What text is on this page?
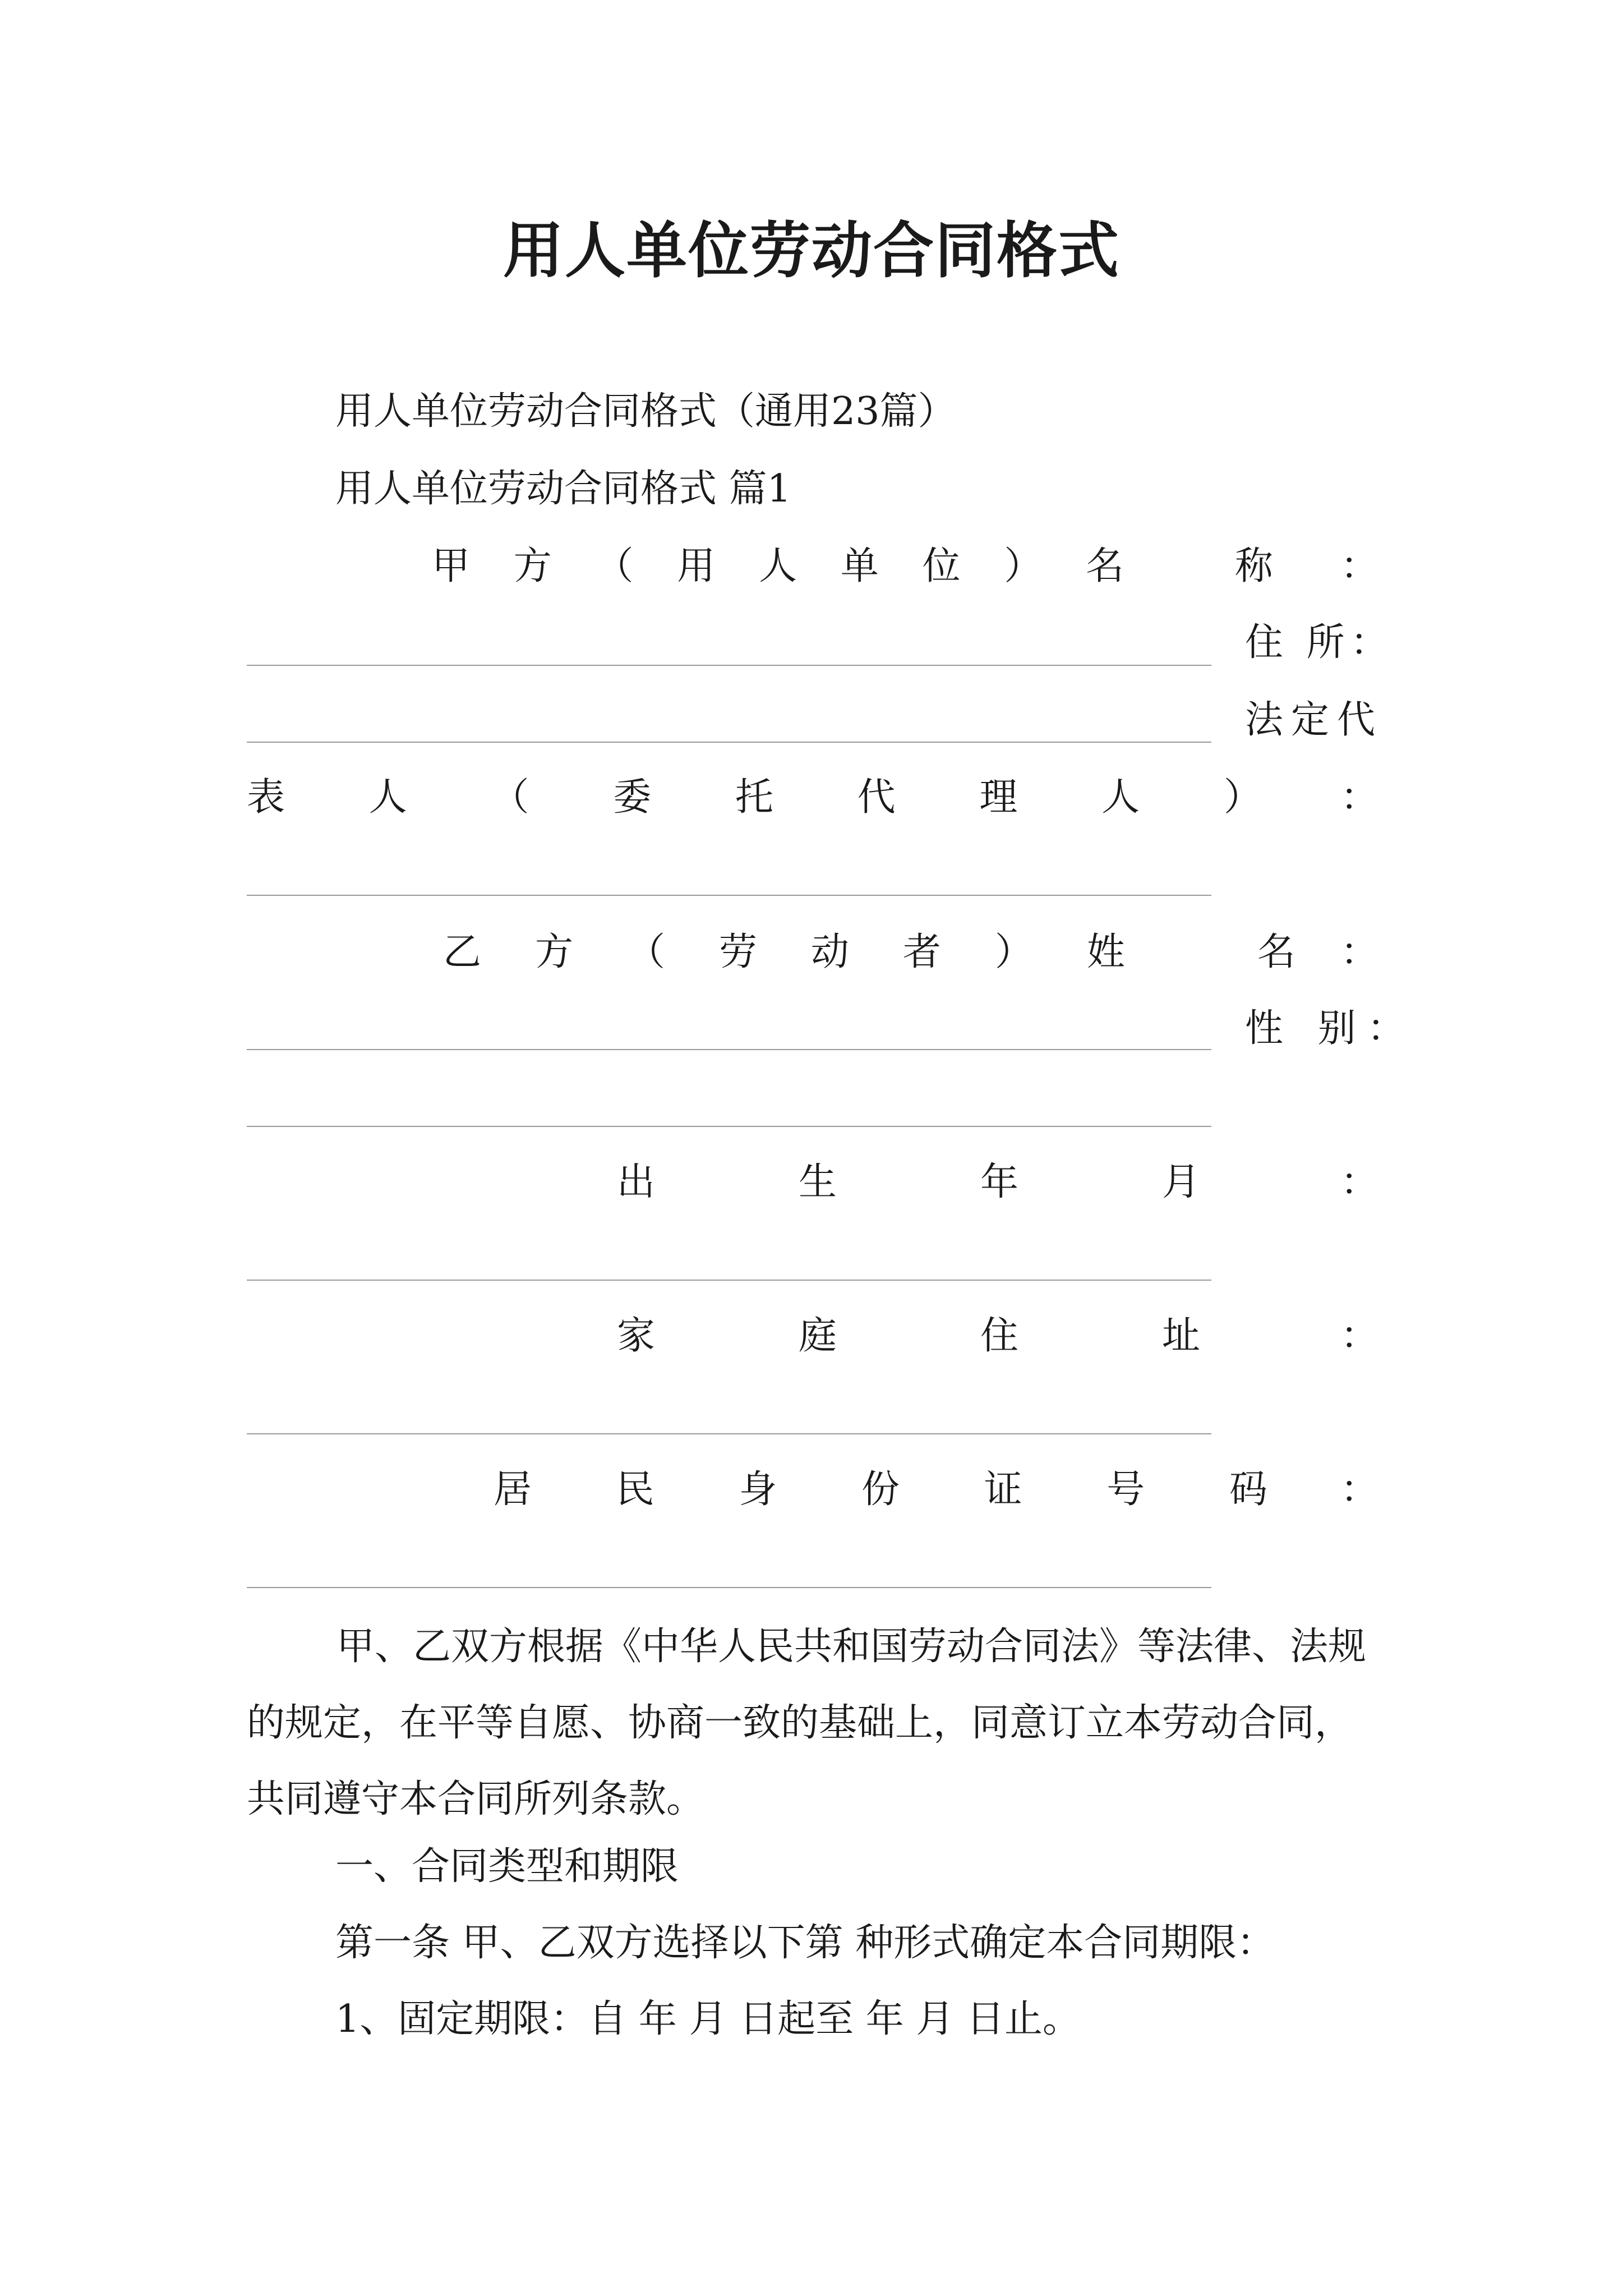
用人单位劳动合同格式
用人单位劳动合同格式（通用23篇）
用人单位劳动合同格式 篇1
甲 方 （ 用 人 单 位 ） 名	称 ：
住 所：
法定代
表 人 （ 委 托 代 理 人 ） ：
乙 方 （ 劳 动 者 ） 姓	名 ：
性 别：
出	生	年	月	：
家	庭	住	址	：
居 民 身 份 证 号 码 ：
甲、乙双方根据《中华人民共和国劳动合同法》等法律、法规的规定，在平等自愿、协商一致的基础上，同意订立本劳动合同，共同遵守本合同所列条款。
一、合同类型和期限
第一条 甲、乙双方选择以下第 种形式确定本合同期限：
1、固定期限：自 年 月 日起至 年 月 日止。
